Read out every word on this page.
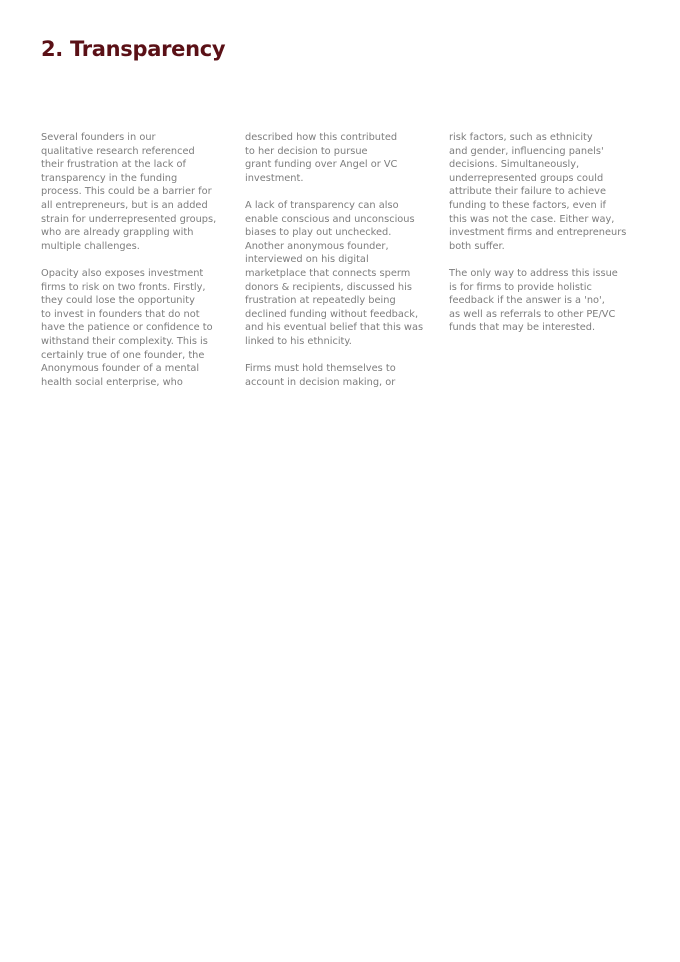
2. Transparency

Several founders in our
qualitative research referenced
their frustration at the lack of
transparency in the funding
process. This could be a barrier for
all entrepreneurs, but is an added
strain for underrepresented groups,
who are already grappling with
multiple challenges.

Opacity also exposes investment
firms to risk on two fronts. Firstly,
they could lose the opportunity
to invest in founders that do not
have the patience or confidence to
withstand their complexity. This is
certainly true of one founder, the
Anonymous founder of a mental
health social enterprise, who

described how this contributed
to her decision to pursue
grant funding over Angel or VC
investment.

A lack of transparency can also
enable conscious and unconscious
biases to play out unchecked.
Another anonymous founder,
interviewed on his digital
marketplace that connects sperm
donors & recipients, discussed his
frustration at repeatedly being
declined funding without feedback,
and his eventual belief that this was
linked to his ethnicity.

Firms must hold themselves to
account in decision making, or

risk factors, such as ethnicity
and gender, influencing panels'
decisions. Simultaneously,
underrepresented groups could
attribute their failure to achieve
funding to these factors, even if
this was not the case. Either way,
investment firms and entrepreneurs
both suffer.

The only way to address this issue
is for firms to provide holistic
feedback if the answer is a 'no',
as well as referrals to other PE/VC
funds that may be interested.
